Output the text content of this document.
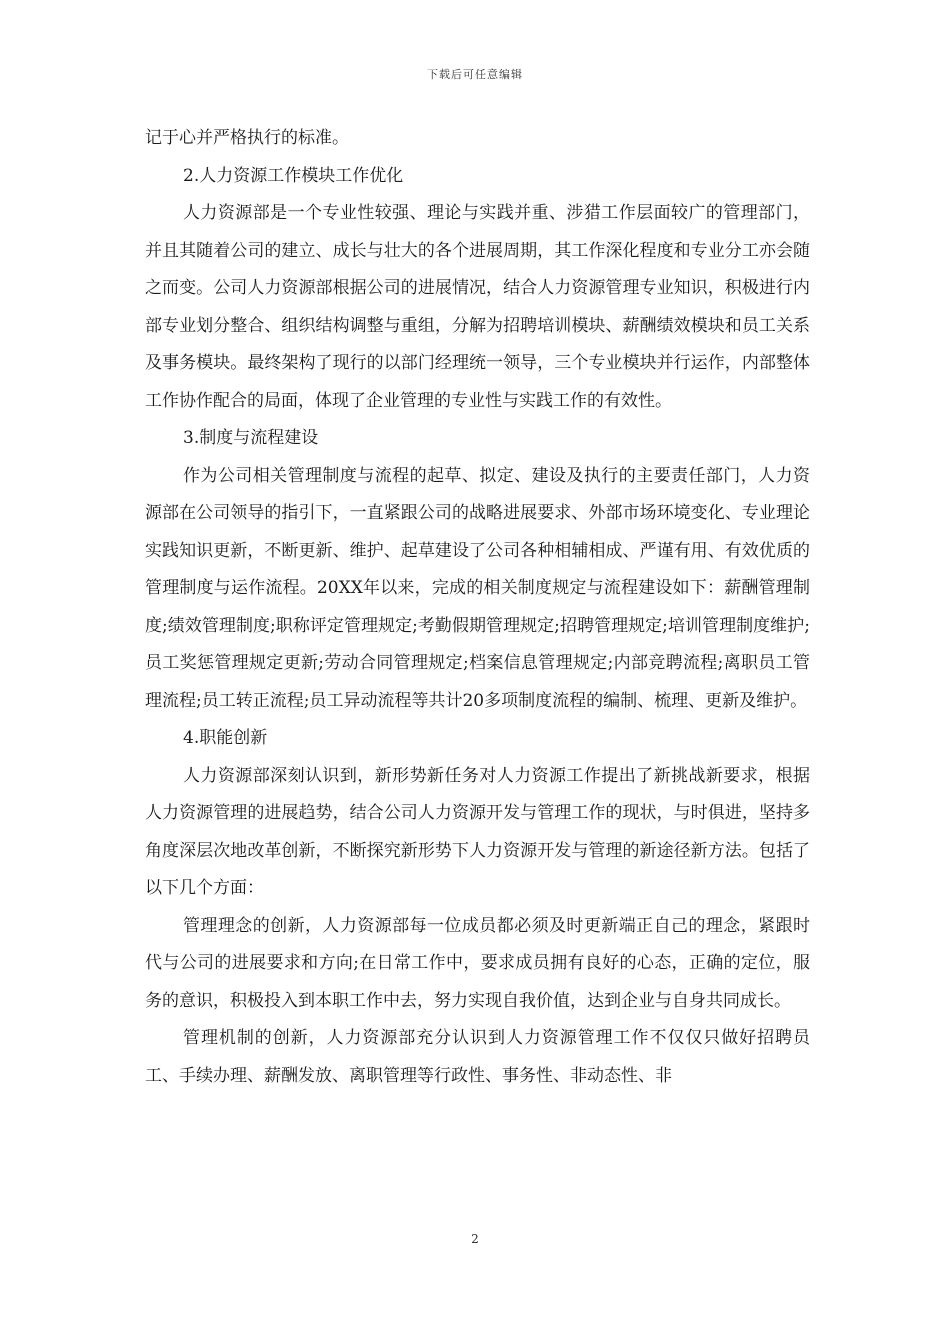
下载后可任意编辑

记于心并严格执行的标准。

2.人力资源工作模块工作优化

人力资源部是一个专业性较强、理论与实践并重、涉猎工作层面较广的管理部门，并且其随着公司的建立、成长与壮大的各个进展周期，其工作深化程度和专业分工亦会随之而变。公司人力资源部根据公司的进展情况，结合人力资源管理专业知识，积极进行内部专业划分整合、组织结构调整与重组，分解为招聘培训模块、薪酬绩效模块和员工关系及事务模块。最终架构了现行的以部门经理统一领导，三个专业模块并行运作，内部整体工作协作配合的局面，体现了企业管理的专业性与实践工作的有效性。

3.制度与流程建设

作为公司相关管理制度与流程的起草、拟定、建设及执行的主要责任部门，人力资源部在公司领导的指引下，一直紧跟公司的战略进展要求、外部市场环境变化、专业理论实践知识更新，不断更新、维护、起草建设了公司各种相辅相成、严谨有用、有效优质的管理制度与运作流程。20XX年以来，完成的相关制度规定与流程建设如下：薪酬管理制度;绩效管理制度;职称评定管理规定;考勤假期管理规定;招聘管理规定;培训管理制度维护;员工奖惩管理规定更新;劳动合同管理规定;档案信息管理规定;内部竞聘流程;离职员工管理流程;员工转正流程;员工异动流程等共计20多项制度流程的编制、梳理、更新及维护。

4.职能创新

人力资源部深刻认识到，新形势新任务对人力资源工作提出了新挑战新要求，根据人力资源管理的进展趋势，结合公司人力资源开发与管理工作的现状，与时俱进，坚持多角度深层次地改革创新，不断探究新形势下人力资源开发与管理的新途径新方法。包括了以下几个方面：

管理理念的创新，人力资源部每一位成员都必须及时更新端正自己的理念，紧跟时代与公司的进展要求和方向;在日常工作中，要求成员拥有良好的心态，正确的定位，服务的意识，积极投入到本职工作中去，努力实现自我价值，达到企业与自身共同成长。

管理机制的创新，人力资源部充分认识到人力资源管理工作不仅仅只做好招聘员工、手续办理、薪酬发放、离职管理等行政性、事务性、非动态性、非

2
